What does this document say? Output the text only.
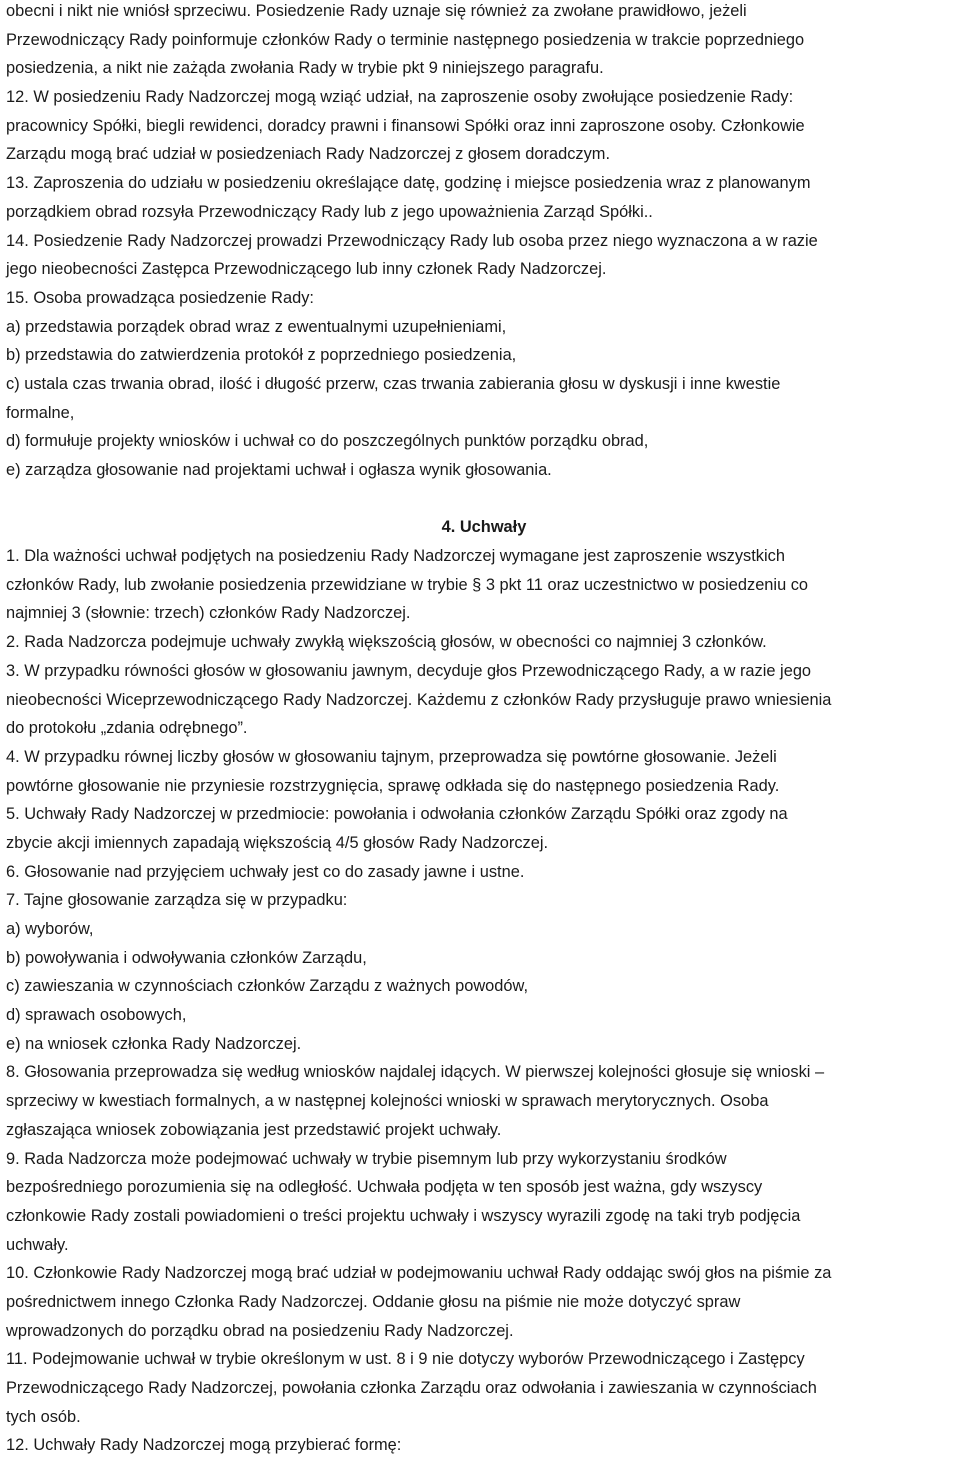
obecni i nikt nie wniósł sprzeciwu. Posiedzenie Rady uznaje się również za zwołane prawidłowo, jeżeli
Przewodniczący Rady poinformuje członków Rady o terminie następnego posiedzenia w trakcie poprzedniego
posiedzenia, a nikt nie zażąda zwołania Rady w trybie pkt 9 niniejszego paragrafu.
12. W posiedzeniu Rady Nadzorczej mogą wziąć udział, na zaproszenie osoby zwołujące posiedzenie Rady:
pracownicy Spółki, biegli rewidenci, doradcy prawni i finansowi Spółki oraz inni zaproszone osoby. Członkowie
Zarządu mogą brać udział w posiedzeniach Rady Nadzorczej z głosem doradczym.
13. Zaproszenia do udziału w posiedzeniu określające datę, godzinę i miejsce posiedzenia wraz z planowanym
porządkiem obrad rozsyła Przewodniczący Rady lub z jego upoważnienia Zarząd Spółki..
14. Posiedzenie Rady Nadzorczej prowadzi Przewodniczący Rady lub osoba przez niego wyznaczona a w razie
jego nieobecności Zastępca Przewodniczącego lub inny członek Rady Nadzorczej.
15. Osoba prowadząca posiedzenie Rady:
a) przedstawia porządek obrad wraz z ewentualnymi uzupełnieniami,
b) przedstawia do zatwierdzenia protokół z poprzedniego posiedzenia,
c) ustala czas trwania obrad, ilość i długość przerw, czas trwania zabierania głosu w dyskusji i inne kwestie
formalne,
d) formułuje projekty wniosków i uchwał co do poszczególnych punktów porządku obrad,
e) zarządza głosowanie nad projektami uchwał i ogłasza wynik głosowania.
4. Uchwały
1. Dla ważności uchwał podjętych na posiedzeniu Rady Nadzorczej wymagane jest zaproszenie wszystkich
członków Rady, lub zwołanie posiedzenia przewidziane w trybie § 3 pkt 11 oraz uczestnictwo w posiedzeniu co
najmniej 3 (słownie: trzech) członków Rady Nadzorczej.
2. Rada Nadzorcza podejmuje uchwały zwykłą większością głosów, w obecności co najmniej 3 członków.
3. W przypadku równości głosów w głosowaniu jawnym, decyduje głos Przewodniczącego Rady, a w razie jego
nieobecności Wiceprzewodniczącego Rady Nadzorczej. Każdemu z członków Rady przysługuje prawo wniesienia
do protokołu „zdania odrębnego”.
4. W przypadku równej liczby głosów w głosowaniu tajnym, przeprowadza się powtórne głosowanie. Jeżeli
powtórne głosowanie nie przyniesie rozstrzygnięcia, sprawę odkłada się do następnego posiedzenia Rady.
5. Uchwały Rady Nadzorczej w przedmiocie: powołania i odwołania członków Zarządu Spółki oraz zgody na
zbycie akcji imiennych zapadają większością 4/5 głosów Rady Nadzorczej.
6. Głosowanie nad przyjęciem uchwały jest co do zasady jawne i ustne.
7. Tajne głosowanie zarządza się w przypadku:
a) wyborów,
b) powoływania i odwoływania członków Zarządu,
c) zawieszania w czynnościach członków Zarządu z ważnych powodów,
d) sprawach osobowych,
e) na wniosek członka Rady Nadzorczej.
8. Głosowania przeprowadza się według wniosków najdalej idących. W pierwszej kolejności głosuje się wnioski –
sprzeciwy w kwestiach formalnych, a w następnej kolejności wnioski w sprawach merytorycznych. Osoba
zgłaszająca wniosek zobowiązania jest przedstawić projekt uchwały.
9. Rada Nadzorcza może podejmować uchwały w trybie pisemnym lub przy wykorzystaniu środków
bezpośredniego porozumienia się na odległość. Uchwała podjęta w ten sposób jest ważna, gdy wszyscy
członkowie Rady zostali powiadomieni o treści projektu uchwały i wszyscy wyrazili zgodę na taki tryb podjęcia
uchwały.
10. Członkowie Rady Nadzorczej mogą brać udział w podejmowaniu uchwał Rady oddając swój głos na piśmie za
pośrednictwem innego Członka Rady Nadzorczej. Oddanie głosu na piśmie nie może dotyczyć spraw
wprowadzonych do porządku obrad na posiedzeniu Rady Nadzorczej.
11. Podejmowanie uchwał w trybie określonym w ust. 8 i 9 nie dotyczy wyborów Przewodniczącego i Zastępcy
Przewodniczącego Rady Nadzorczej, powołania członka Zarządu oraz odwołania i zawieszania w czynnościach
tych osób.
12. Uchwały Rady Nadzorczej mogą przybierać formę:
